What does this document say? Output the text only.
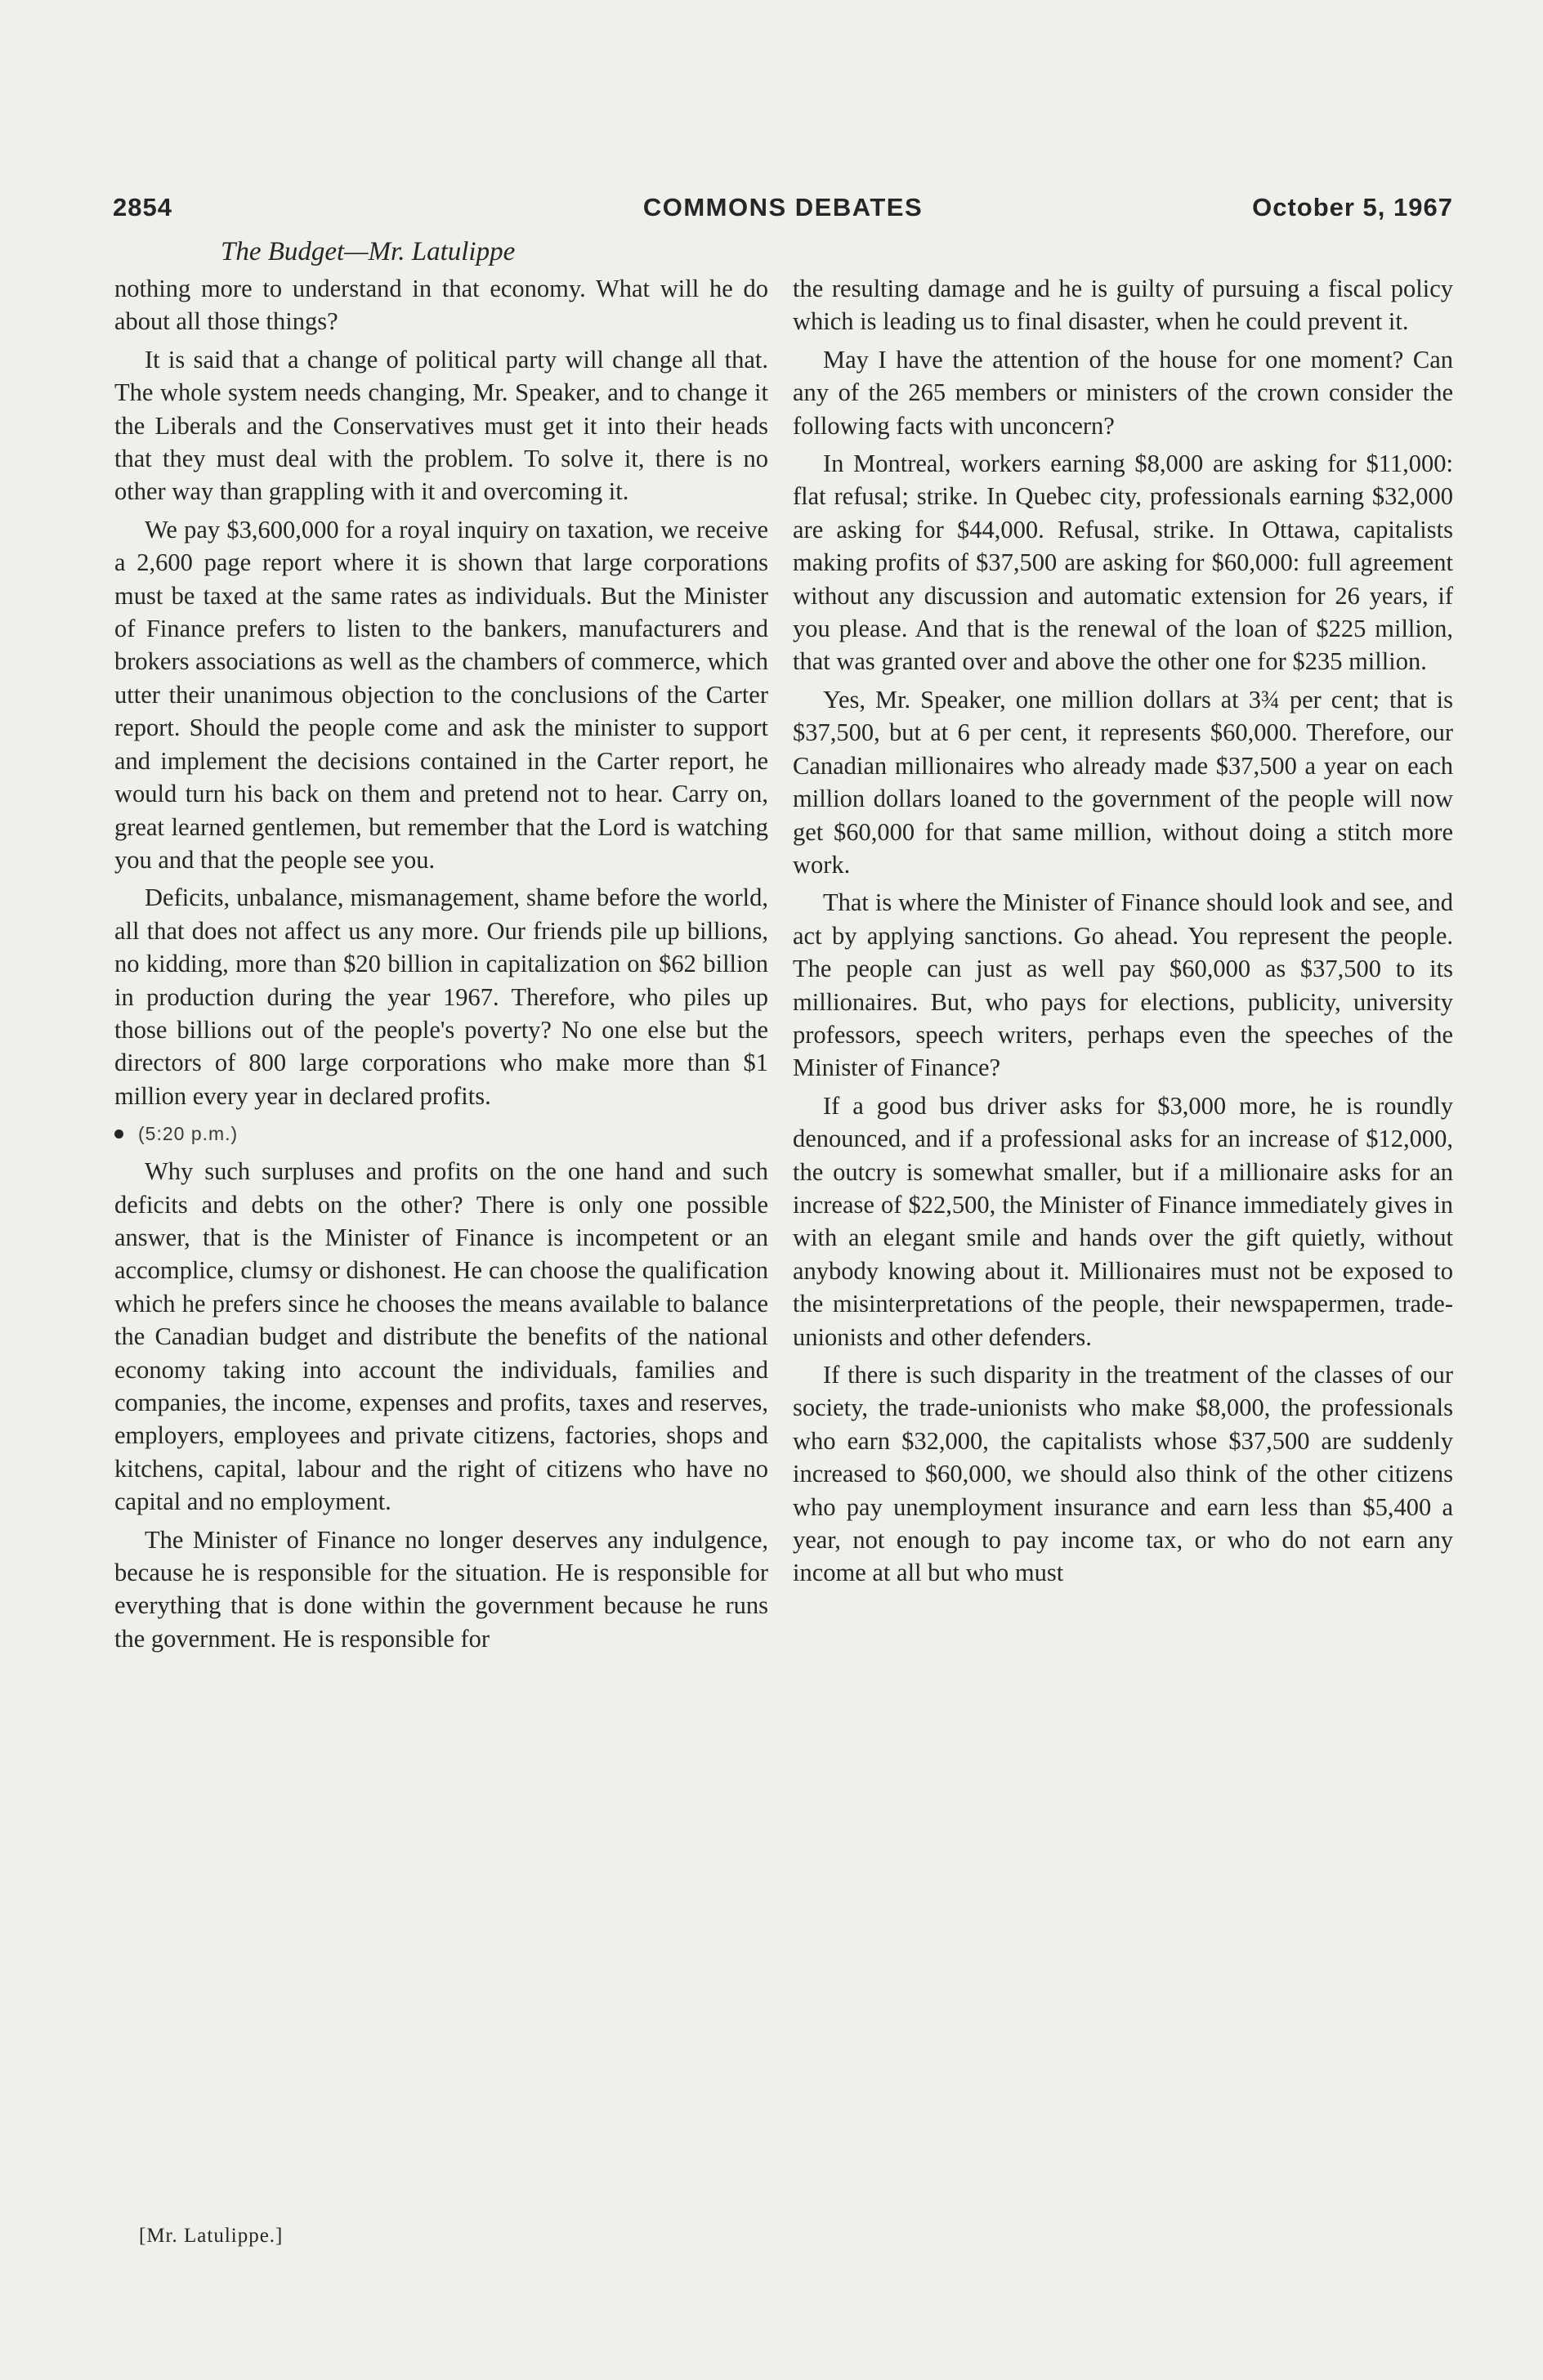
2854	COMMONS DEBATES	October 5, 1967
The Budget—Mr. Latulippe

nothing more to understand in that economy. What will he do about all those things?

It is said that a change of political party will change all that. The whole system needs changing, Mr. Speaker, and to change it the Liberals and the Conservatives must get it into their heads that they must deal with the problem. To solve it, there is no other way than grappling with it and overcoming it.

We pay $3,600,000 for a royal inquiry on taxation, we receive a 2,600 page report where it is shown that large corporations must be taxed at the same rates as individuals. But the Minister of Finance prefers to listen to the bankers, manufacturers and brokers associations as well as the chambers of commerce, which utter their unanimous objection to the conclusions of the Carter report. Should the people come and ask the minister to support and implement the decisions contained in the Carter report, he would turn his back on them and pretend not to hear. Carry on, great learned gentlemen, but remember that the Lord is watching you and that the people see you.

Deficits, unbalance, mismanagement, shame before the world, all that does not affect us any more. Our friends pile up billions, no kidding, more than $20 billion in capitalization on $62 billion in production during the year 1967. Therefore, who piles up those billions out of the people's poverty? No one else but the directors of 800 large corporations who make more than $1 million every year in declared profits.

(5:20 p.m.)

Why such surpluses and profits on the one hand and such deficits and debts on the other? There is only one possible answer, that is the Minister of Finance is incompetent or an accomplice, clumsy or dishonest. He can choose the qualification which he prefers since he chooses the means available to balance the Canadian budget and distribute the benefits of the national economy taking into account the individuals, families and companies, the income, expenses and profits, taxes and reserves, employers, employees and private citizens, factories, shops and kitchens, capital, labour and the right of citizens who have no capital and no employment.

The Minister of Finance no longer deserves any indulgence, because he is responsible for the situation. He is responsible for everything that is done within the government because he runs the government. He is responsible for

the resulting damage and he is guilty of pursuing a fiscal policy which is leading us to final disaster, when he could prevent it.

May I have the attention of the house for one moment? Can any of the 265 members or ministers of the crown consider the following facts with unconcern?

In Montreal, workers earning $8,000 are asking for $11,000: flat refusal; strike. In Quebec city, professionals earning $32,000 are asking for $44,000. Refusal, strike. In Ottawa, capitalists making profits of $37,500 are asking for $60,000: full agreement without any discussion and automatic extension for 26 years, if you please. And that is the renewal of the loan of $225 million, that was granted over and above the other one for $235 million.

Yes, Mr. Speaker, one million dollars at 3¾ per cent; that is $37,500, but at 6 per cent, it represents $60,000. Therefore, our Canadian millionaires who already made $37,500 a year on each million dollars loaned to the government of the people will now get $60,000 for that same million, without doing a stitch more work.

That is where the Minister of Finance should look and see, and act by applying sanctions. Go ahead. You represent the people. The people can just as well pay $60,000 as $37,500 to its millionaires. But, who pays for elections, publicity, university professors, speech writers, perhaps even the speeches of the Minister of Finance?

If a good bus driver asks for $3,000 more, he is roundly denounced, and if a professional asks for an increase of $12,000, the outcry is somewhat smaller, but if a millionaire asks for an increase of $22,500, the Minister of Finance immediately gives in with an elegant smile and hands over the gift quietly, without anybody knowing about it. Millionaires must not be exposed to the misinterpretations of the people, their newspapermen, trade-unionists and other defenders.

If there is such disparity in the treatment of the classes of our society, the trade-unionists who make $8,000, the professionals who earn $32,000, the capitalists whose $37,500 are suddenly increased to $60,000, we should also think of the other citizens who pay unemployment insurance and earn less than $5,400 a year, not enough to pay income tax, or who do not earn any income at all but who must

[Mr. Latulippe.]
